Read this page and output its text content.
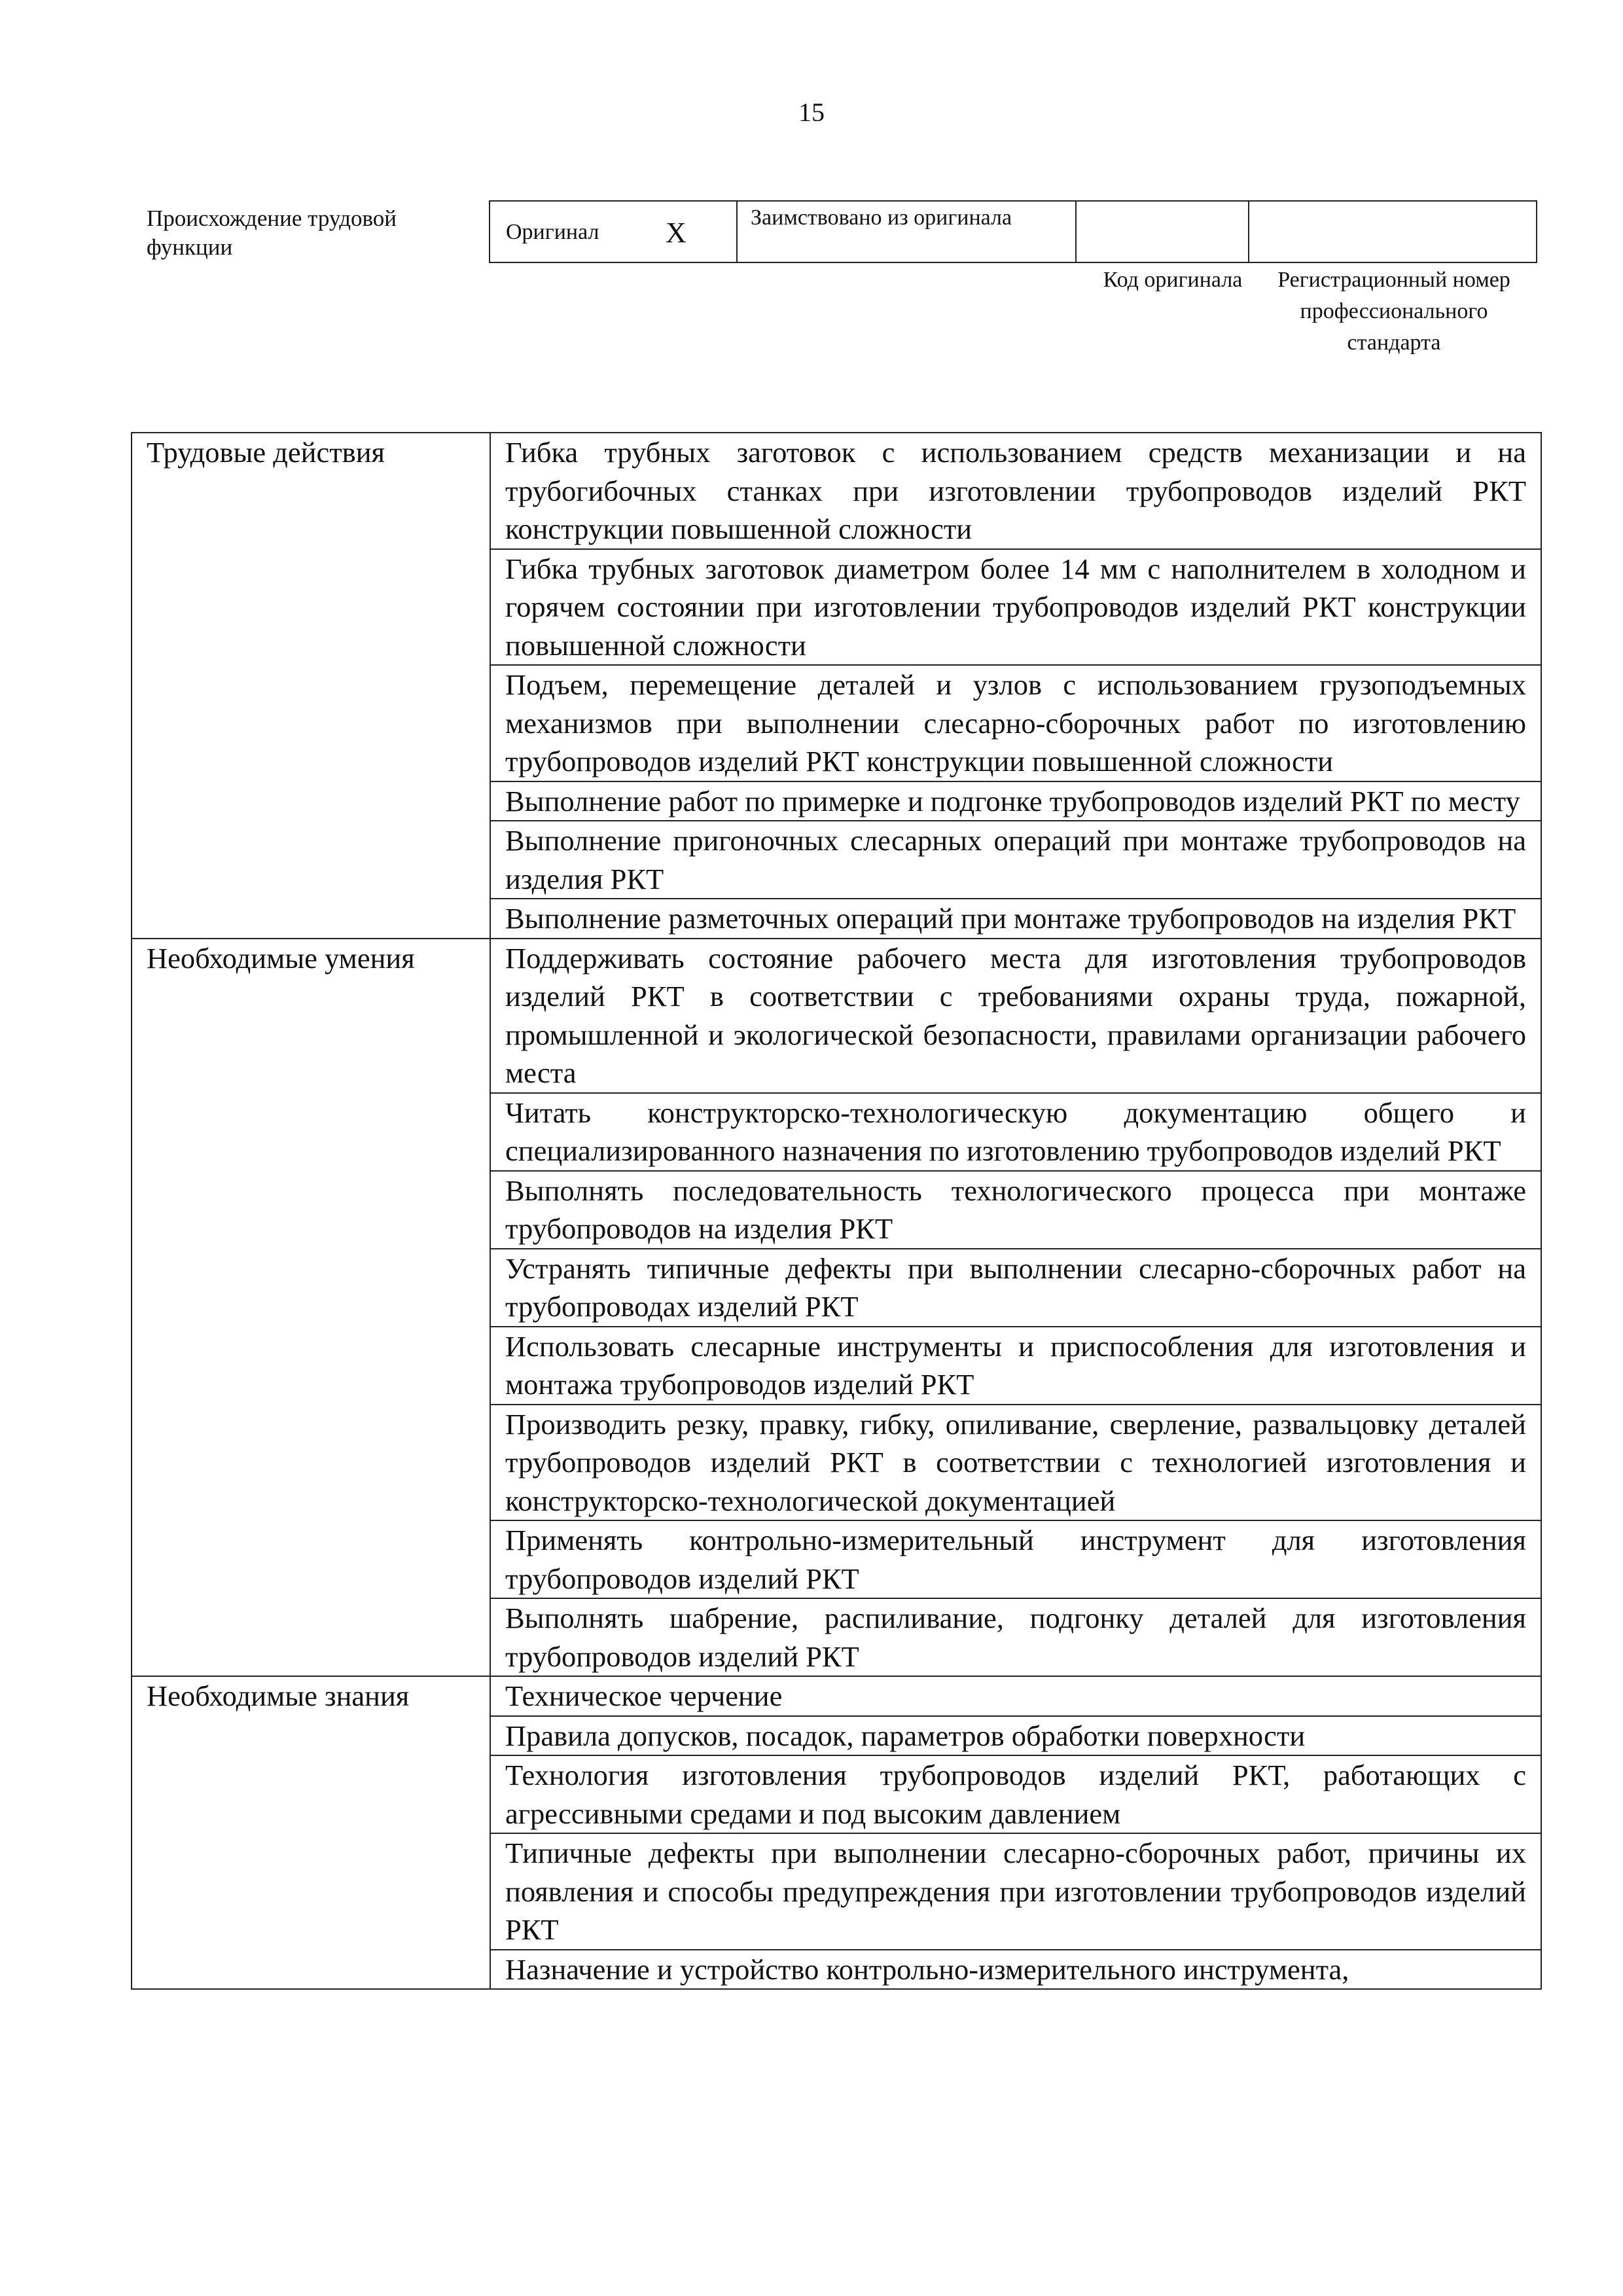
15
Происхождение трудовой функции
Оригинал X	Заимствовано из оригинала
Код оригинала	Регистрационный номер профессионального стандарта
Трудовые действия	Гибка трубных заготовок с использованием средств механизации и на трубогибочных станках при изготовлении трубопроводов изделий РКТ конструкции повышенной сложности
	Гибка трубных заготовок диаметром более 14 мм с наполнителем в холодном и горячем состоянии при изготовлении трубопроводов изделий РКТ конструкции повышенной сложности
	Подъем, перемещение деталей и узлов с использованием грузоподъемных механизмов при выполнении слесарно-сборочных работ по изготовлению трубопроводов изделий РКТ конструкции повышенной сложности
	Выполнение работ по примерке и подгонке трубопроводов изделий РКТ по месту
	Выполнение пригоночных слесарных операций при монтаже трубопроводов на изделия РКТ
	Выполнение разметочных операций при монтаже трубопроводов на изделия РКТ
Необходимые умения	Поддерживать состояние рабочего места для изготовления трубопроводов изделий РКТ в соответствии с требованиями охраны труда, пожарной, промышленной и экологической безопасности, правилами организации рабочего места
	Читать конструкторско-технологическую документацию общего и специализированного назначения по изготовлению трубопроводов изделий РКТ
	Выполнять последовательность технологического процесса при монтаже трубопроводов на изделия РКТ
	Устранять типичные дефекты при выполнении слесарно-сборочных работ на трубопроводах изделий РКТ
	Использовать слесарные инструменты и приспособления для изготовления и монтажа трубопроводов изделий РКТ
	Производить резку, правку, гибку, опиливание, сверление, развальцовку деталей трубопроводов изделий РКТ в соответствии с технологией изготовления и конструкторско-технологической документацией
	Применять контрольно-измерительный инструмент для изготовления трубопроводов изделий РКТ
	Выполнять шабрение, распиливание, подгонку деталей для изготовления трубопроводов изделий РКТ
Необходимые знания	Техническое черчение
	Правила допусков, посадок, параметров обработки поверхности
	Технология изготовления трубопроводов изделий РКТ, работающих с агрессивными средами и под высоким давлением
	Типичные дефекты при выполнении слесарно-сборочных работ, причины их появления и способы предупреждения при изготовлении трубопроводов изделий РКТ
	Назначение и устройство контрольно-измерительного инструмента,
